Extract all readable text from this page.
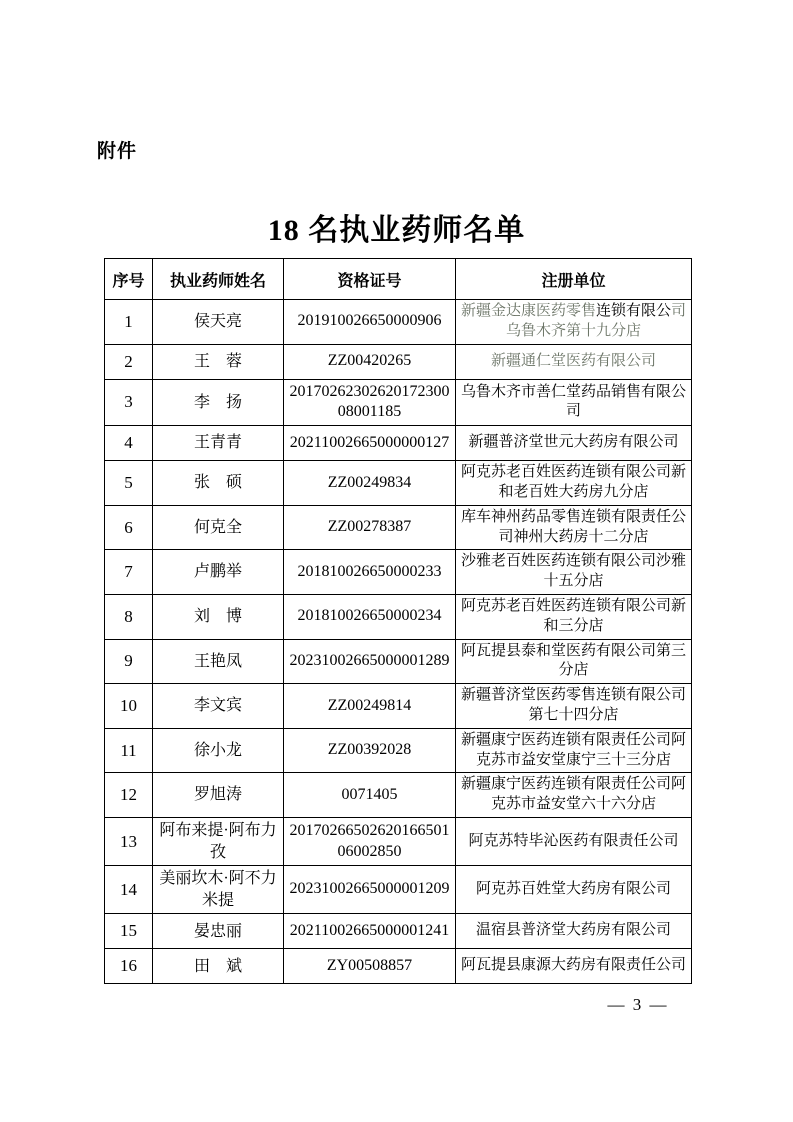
附件
18 名执业药师名单
序号	执业药师姓名	资格证号	注册单位
1	侯天亮	201910026650000906	新疆金达康医药零售连锁有限公司乌鲁木齐第十九分店
2	王　蓉	ZZ00420265	新疆通仁堂医药有限公司
3	李　扬	2017026230262017230008001185	乌鲁木齐市善仁堂药品销售有限公司
4	王青青	20211002665000000127	新疆普济堂世元大药房有限公司
5	张　硕	ZZ00249834	阿克苏老百姓医药连锁有限公司新和老百姓大药房九分店
6	何克全	ZZ00278387	库车神州药品零售连锁有限责任公司神州大药房十二分店
7	卢鹏举	201810026650000233	沙雅老百姓医药连锁有限公司沙雅十五分店
8	刘　博	201810026650000234	阿克苏老百姓医药连锁有限公司新和三分店
9	王艳凤	20231002665000001289	阿瓦提县泰和堂医药有限公司第三分店
10	李文宾	ZZ00249814	新疆普济堂医药零售连锁有限公司第七十四分店
11	徐小龙	ZZ00392028	新疆康宁医药连锁有限责任公司阿克苏市益安堂康宁三十三分店
12	罗旭涛	0071405	新疆康宁医药连锁有限责任公司阿克苏市益安堂六十六分店
13	阿布来提·阿布力孜	2017026650262016650106002850	阿克苏特毕沁医药有限责任公司
14	美丽坎木·阿不力米提	20231002665000001209	阿克苏百姓堂大药房有限公司
15	晏忠丽	20211002665000001241	温宿县普济堂大药房有限公司
16	田　斌	ZY00508857	阿瓦提县康源大药房有限责任公司
— 3 —
